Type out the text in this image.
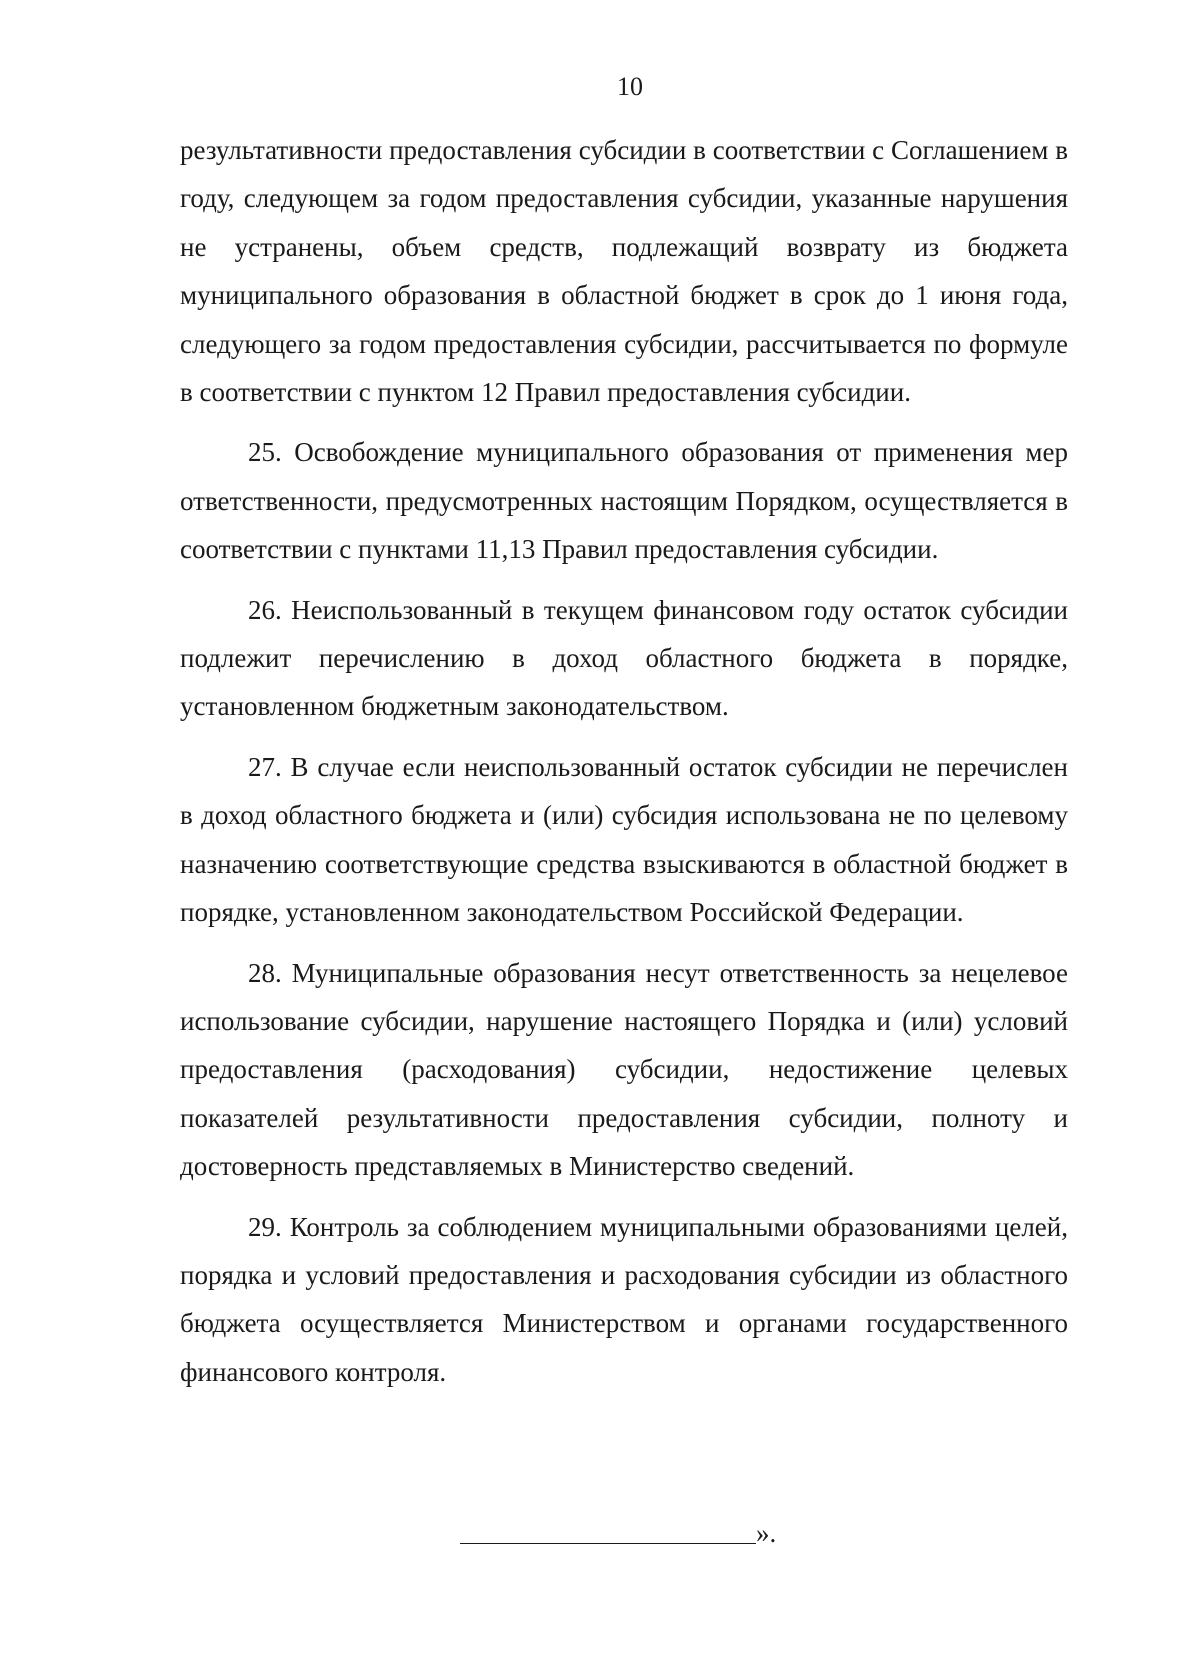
10

результативности предоставления субсидии в соответствии с Соглашением в году, следующем за годом предоставления субсидии, указанные нарушения не устранены, объем средств, подлежащий возврату из бюджета муниципального образования в областной бюджет в срок до 1 июня года, следующего за годом предоставления субсидии, рассчитывается по формуле в соответствии с пунктом 12 Правил предоставления субсидии.

25. Освобождение муниципального образования от применения мер ответственности, предусмотренных настоящим Порядком, осуществляется в соответствии с пунктами 11,13 Правил предоставления субсидии.

26. Неиспользованный в текущем финансовом году остаток субсидии подлежит перечислению в доход областного бюджета в порядке, установленном бюджетным законодательством.

27. В случае если неиспользованный остаток субсидии не перечислен в доход областного бюджета и (или) субсидия использована не по целевому назначению соответствующие средства взыскиваются в областной бюджет в порядке, установленном законодательством Российской Федерации.

28. Муниципальные образования несут ответственность за нецелевое использование субсидии, нарушение настоящего Порядка и (или) условий предоставления (расходования) субсидии, недостижение целевых показателей результативности предоставления субсидии, полноту и достоверность представляемых в Министерство сведений.

29. Контроль за соблюдением муниципальными образованиями целей, порядка и условий предоставления и расходования субсидии из областного бюджета осуществляется Министерством и органами государственного финансового контроля.

».
